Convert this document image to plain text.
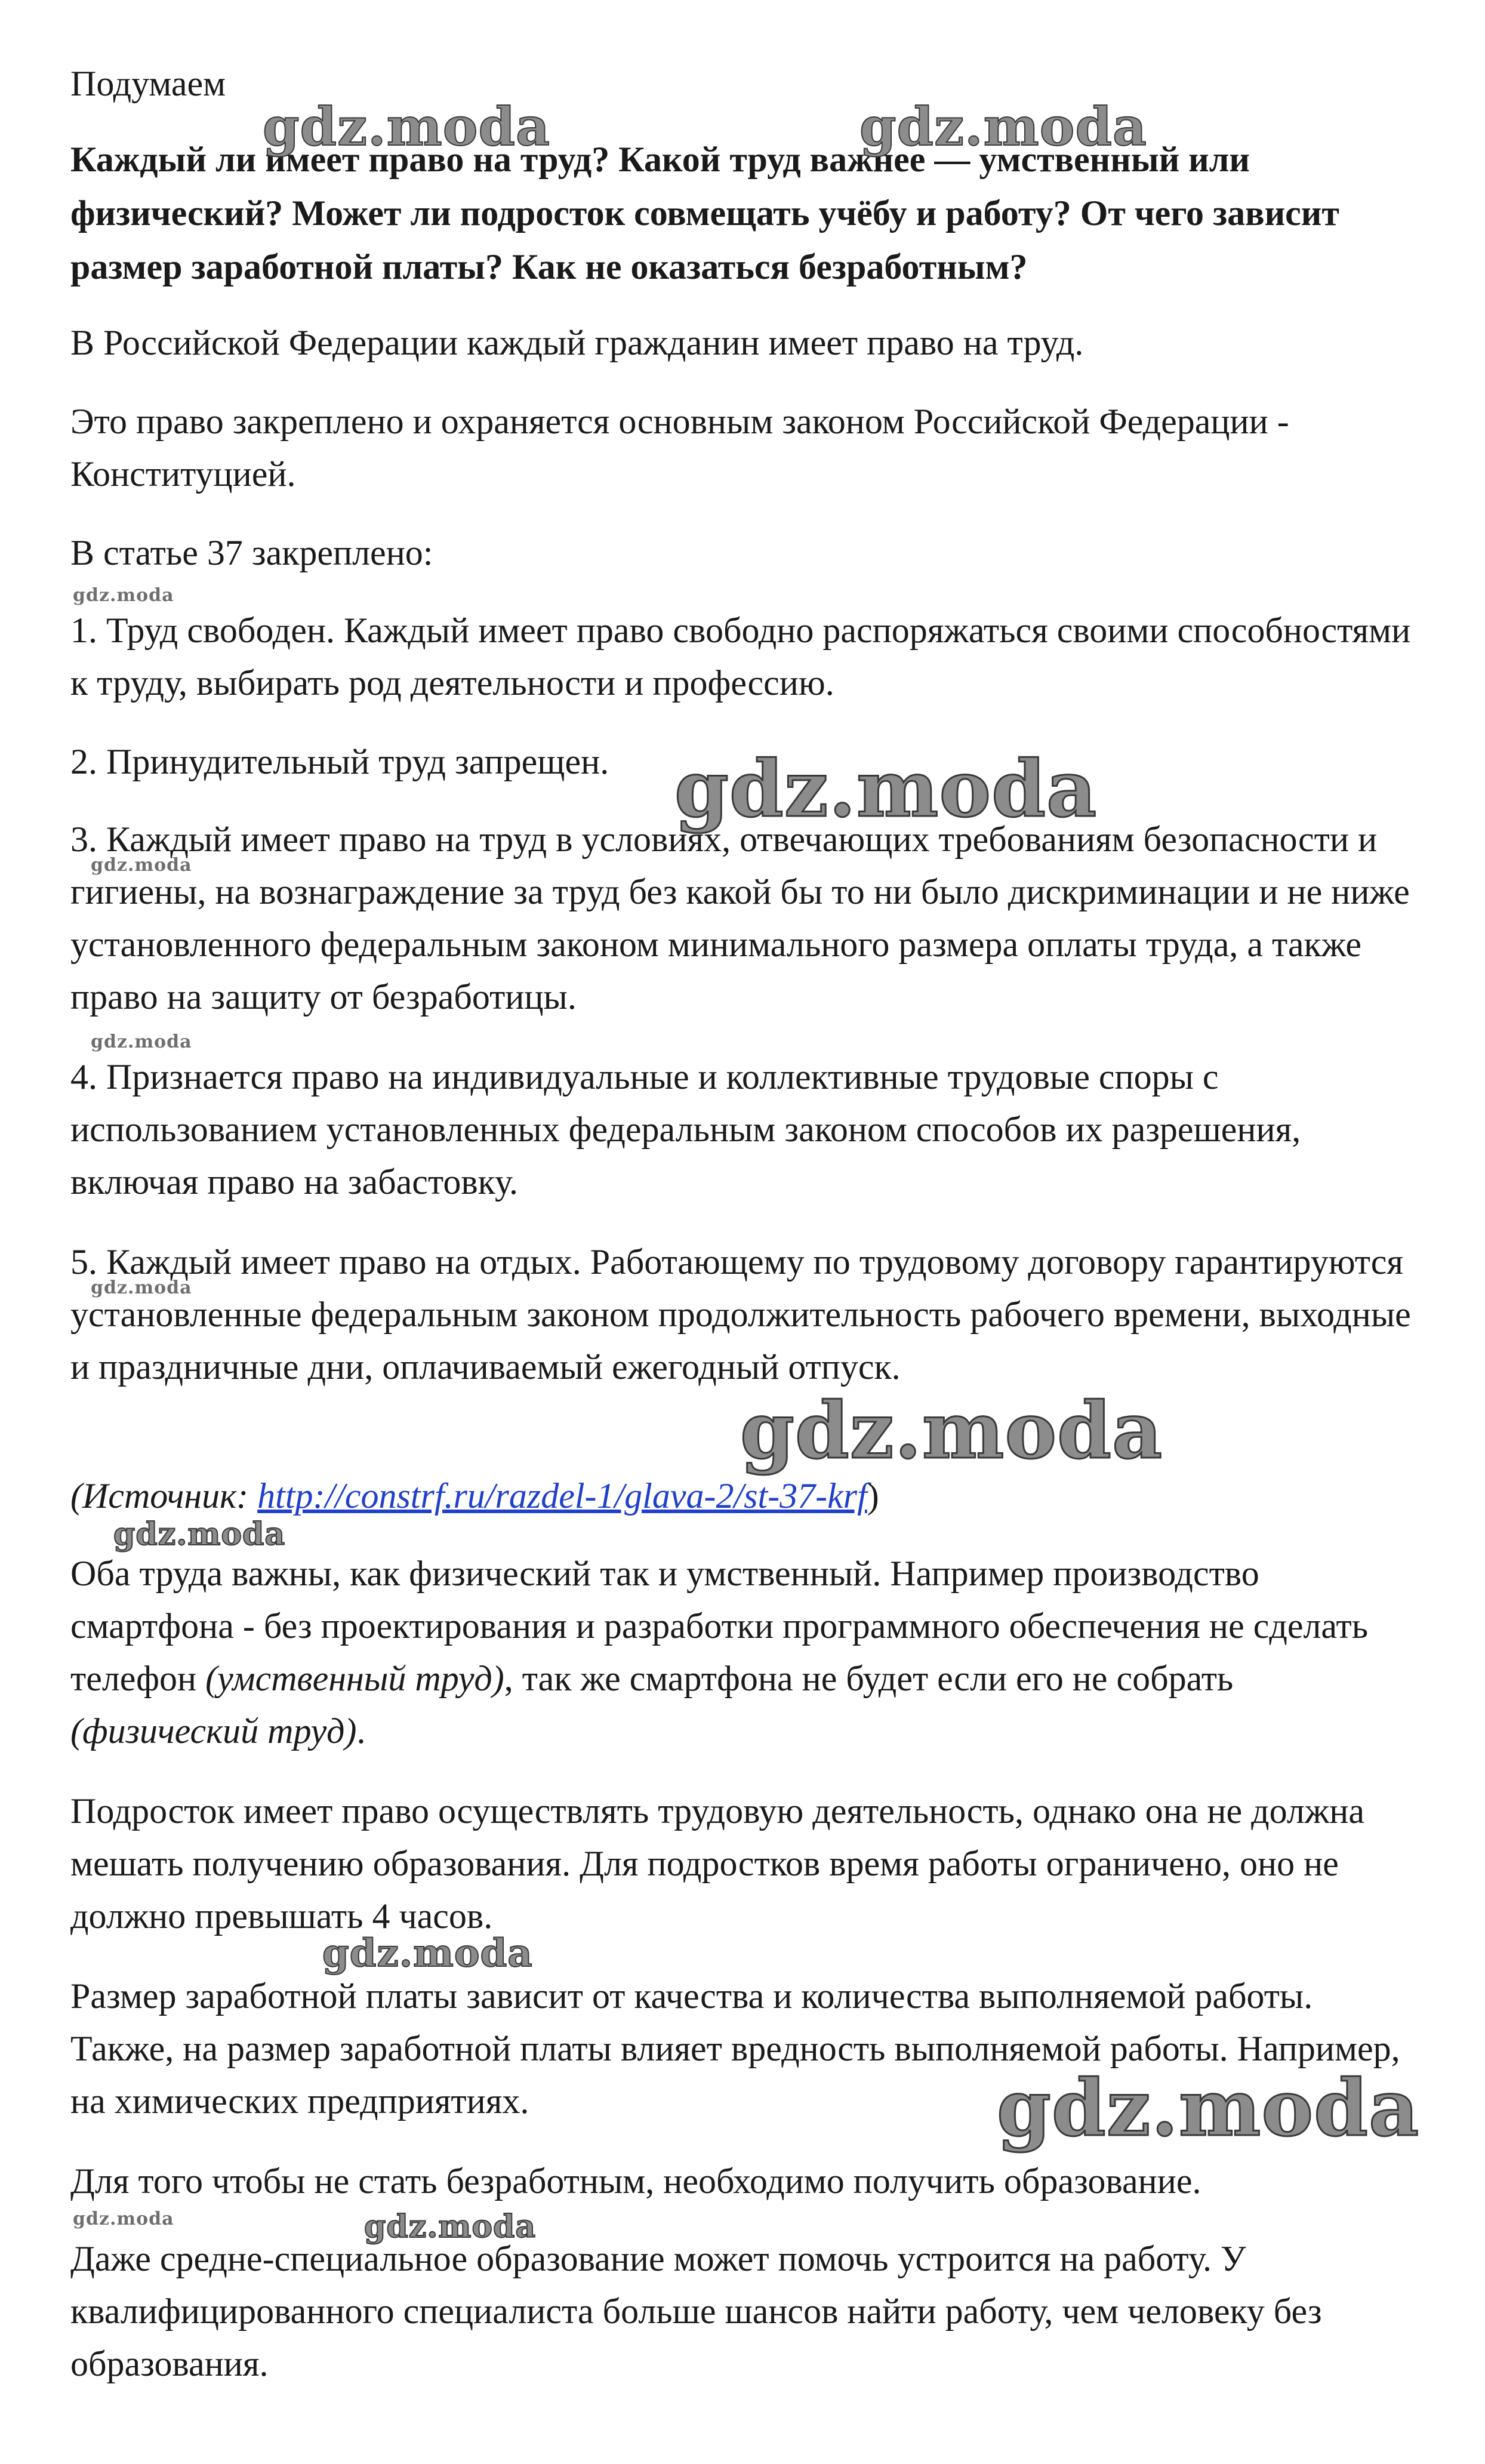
Подумаем

Каждый ли имеет право на труд? Какой труд важнее — умственный или физический? Может ли подросток совмещать учёбу и работу? От чего зависит размер заработной платы? Как не оказаться безработным?

В Российской Федерации каждый гражданин имеет право на труд.

Это право закреплено и охраняется основным законом Российской Федерации - Конституцией.

В статье 37 закреплено:

1. Труд свободен. Каждый имеет право свободно распоряжаться своими способностями к труду, выбирать род деятельности и профессию.

2. Принудительный труд запрещен.

3. Каждый имеет право на труд в условиях, отвечающих требованиям безопасности и гигиены, на вознаграждение за труд без какой бы то ни было дискриминации и не ниже установленного федеральным законом минимального размера оплаты труда, а также право на защиту от безработицы.

4. Признается право на индивидуальные и коллективные трудовые споры с использованием установленных федеральным законом способов их разрешения, включая право на забастовку.

5. Каждый имеет право на отдых. Работающему по трудовому договору гарантируются установленные федеральным законом продолжительность рабочего времени, выходные и праздничные дни, оплачиваемый ежегодный отпуск.

(Источник: http://constrf.ru/razdel-1/glava-2/st-37-krf)

Оба труда важны, как физический так и умственный. Например производство смартфона - без проектирования и разработки программного обеспечения не сделать телефон (умственный труд), так же смартфона не будет если его не собрать (физический труд).

Подросток имеет право осуществлять трудовую деятельность, однако она не должна мешать получению образования. Для подростков время работы ограничено, оно не должно превышать 4 часов.

Размер заработной платы зависит от качества и количества выполняемой работы. Также, на размер заработной платы влияет вредность выполняемой работы. Например, на химических предприятиях.

Для того чтобы не стать безработным, необходимо получить образование.

Даже средне-специальное образование может помочь устроится на работу. У квалифицированного специалиста больше шансов найти работу, чем человеку без образования.

gdz.moda	gdz.moda
gdz.moda
gdz.moda
gdz.moda
gdz.moda
gdz.moda
gdz.moda
gdz.moda
gdz.moda
gdz.moda
gdz.moda	gdz.moda
